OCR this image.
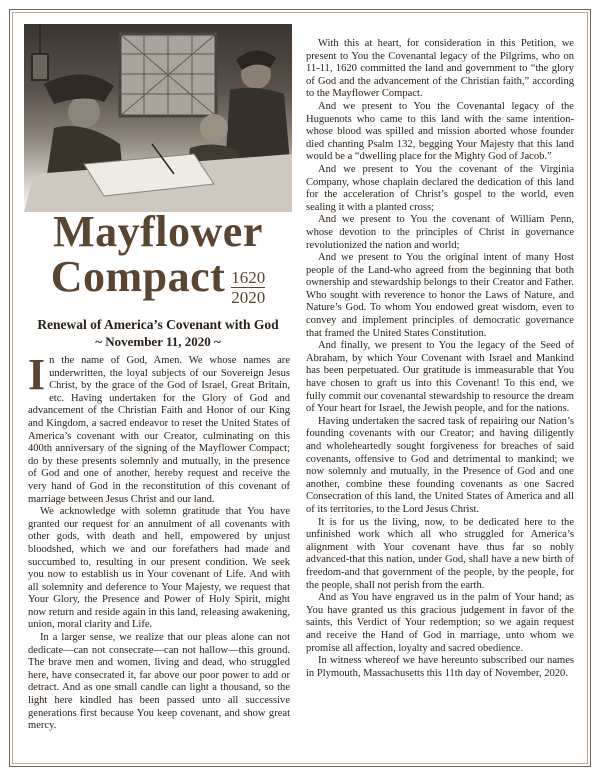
Mayflower
Compact $\frac{1620}{2020}$
Renewal of America’s Covenant with God
~ November 11, 2020 ~

In the name of God, Amen. We whose names are underwritten, the loyal subjects of our Sovereign Jesus Christ, by the grace of the God of Israel, Great Britain, etc. Having undertaken for the Glory of God and advancement of the Christian Faith and Honor of our King and Kingdom, a sacred endeavor to reset the United States of America’s covenant with our Creator, culminating on this 400th anniversary of the signing of the Mayflower Compact; do by these presents solemnly and mutually, in the presence of God and one of another, hereby request and receive the very hand of God in the reconstitution of this covenant of marriage between Jesus Christ and our land.

We acknowledge with solemn gratitude that You have granted our request for an annulment of all covenants with other gods, with death and hell, empowered by unjust bloodshed, which we and our forefathers had made and succumbed to, resulting in our present condition. We seek you now to establish us in Your covenant of Life. And with all solemnity and deference to Your Majesty, we request that Your Glory, the Presence and Power of Holy Spirit, might now return and reside again in this land, releasing awakening, union, moral clarity and Life.

In a larger sense, we realize that our pleas alone can not dedicate—can not consecrate—can not hallow—this ground. The brave men and women, living and dead, who struggled here, have consecrated it, far above our poor power to add or detract. And as one small candle can light a thousand, so the light here kindled has been passed unto all successive generations first because You keep covenant, and show great mercy.

With this at heart, for consideration in this Petition, we present to You the Covenantal legacy of the Pilgrims, who on 11-11, 1620 committed the land and government to “the glory of God and the advancement of the Christian faith,” according to the Mayflower Compact.

And we present to You the Covenantal legacy of the Huguenots who came to this land with the same intention- whose blood was spilled and mission aborted whose founder died chanting Psalm 132, begging Your Majesty that this land would be a “dwelling place for the Mighty God of Jacob.”

And we present to You the covenant of the Virginia Company, whose chaplain declared the dedication of this land for the acceleration of Christ’s gospel to the world, even sealing it with a planted cross;

And we present to You the covenant of William Penn, whose devotion to the principles of Christ in governance revolutionized the nation and world;

And we present to You the original intent of many Host people of the Land-who agreed from the beginning that both ownership and stewardship belongs to their Creator and Father. Who sought with reverence to honor the Laws of Nature, and Nature’s God. To whom You endowed great wisdom, even to convey and implement principles of democratic governance that framed the United States Constitution.

And finally, we present to You the legacy of the Seed of Abraham, by which Your Covenant with Israel and Mankind has been perpetuated. Our gratitude is immeasurable that You have chosen to graft us into this Covenant! To this end, we fully commit our covenantal stewardship to resource the dream of Your heart for Israel, the Jewish people, and for the nations.

Having undertaken the sacred task of repairing our Nation’s founding covenants with our Creator; and having diligently and wholeheartedly sought forgiveness for breaches of said covenants, offensive to God and detrimental to mankind; we now solemnly and mutually, in the Presence of God and one another, combine these founding covenants as one Sacred Consecration of this land, the United States of America and all of its territories, to the Lord Jesus Christ.

It is for us the living, now, to be dedicated here to the unfinished work which all who struggled for America’s alignment with Your covenant have thus far so nobly advanced-that this nation, under God, shall have a new birth of freedom-and that government of the people, by the people, for the people, shall not perish from the earth.

And as You have engraved us in the palm of Your hand; as You have granted us this gracious judgement in favor of the saints, this Verdict of Your redemption; so we again request and receive the Hand of God in marriage, unto whom we promise all affection, loyalty and sacred obedience.

In witness whereof we have hereunto subscribed our names in Plymouth, Massachusetts this 11th day of November, 2020.
